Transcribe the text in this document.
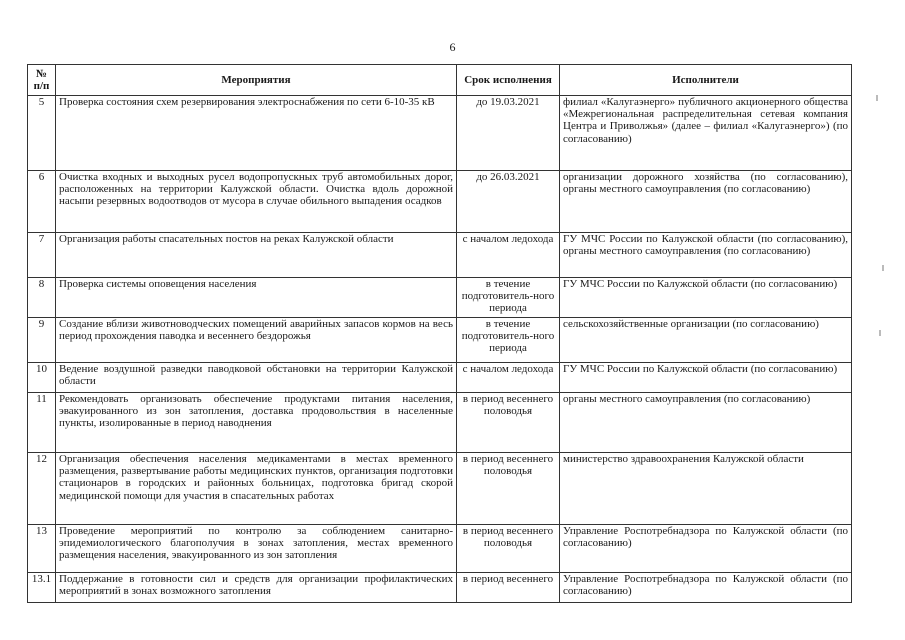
6
№ п/п	Мероприятия	Срок исполнения	Исполнители
5	Проверка состояния схем резервирования электроснабжения по сети 6-10-35 кВ	до 19.03.2021	филиал «Калугаэнерго» публичного акционерного общества «Межрегиональная распределительная сетевая компания Центра и Приволжья» (далее – филиал «Калугаэнерго») (по согласованию)
6	Очистка входных и выходных русел водопропускных труб автомобильных дорог, расположенных на территории Калужской области. Очистка вдоль дорожной насыпи резервных водоотводов от мусора в случае обильного выпадения осадков	до 26.03.2021	организации дорожного хозяйства (по согласованию), органы местного самоуправления (по согласованию)
7	Организация работы спасательных постов на реках Калужской области	с началом ледохода	ГУ МЧС России по Калужской области (по согласованию), органы местного самоуправления (по согласованию)
8	Проверка системы оповещения населения	в течение подготовитель-ного периода	ГУ МЧС России по Калужской области (по согласованию)
9	Создание вблизи животноводческих помещений аварийных запасов кормов на весь период прохождения паводка и весеннего бездорожья	в течение подготовитель-ного периода	сельскохозяйственные организации (по согласованию)
10	Ведение воздушной разведки паводковой обстановки на территории Калужской области	с началом ледохода	ГУ МЧС России по Калужской области (по согласованию)
11	Рекомендовать организовать обеспечение продуктами питания населения, эвакуированного из зон затопления, доставка продовольствия в населенные пункты, изолированные в период наводнения	в период весеннего половодья	органы местного самоуправления (по согласованию)
12	Организация обеспечения населения медикаментами в местах временного размещения, развертывание работы медицинских пунктов, организация подготовки стационаров в городских и районных больницах, подготовка бригад скорой медицинской помощи для участия в спасательных работах	в период весеннего половодья	министерство здравоохранения Калужской области
13	Проведение мероприятий по контролю за соблюдением санитарно-эпидемиологического благополучия в зонах затопления, местах временного размещения населения, эвакуированного из зон затопления	в период весеннего половодья	Управление Роспотребнадзора по Калужской области (по согласованию)
13.1	Поддержание в готовности сил и средств для организации профилактических мероприятий в зонах возможного затопления	в период весеннего	Управление Роспотребнадзора по Калужской области (по согласованию)
